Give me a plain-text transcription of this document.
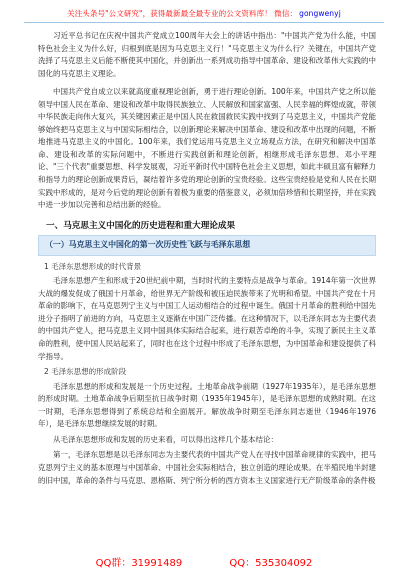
关注头条号"公文研究"，获得最新最全最专业的公文资料库！ 微信： gongwenyj

习近平总书记在庆祝中国共产党成立100周年大会上的讲话中指出："中国共产党为什么能，中国特色社会主义为什么好，归根到底是因为马克思主义行！"马克思主义为什么行？关键在，中国共产党洗择了马克思主义后能不断使其中国化，并创新出一系列成功指导中国革命、建设和改革伟大实践的中国化的马克思主义理论。

中国共产党自成立以来就高度重视理论创新，勇于进行理论创新。100年来，中国共产党之所以能领导中国人民在革命、建设和改革中取得民族独立、人民解放和国家富强、人民幸福的辉煌成就，带领中华民族走向伟大复兴，其关键因素正是中国人民在救国救民实践中找到了马克思主义，中国共产党能够始终把马克思主义与中国实际相结合，以创新理论来解决中国革命、建设和改革中出现的问题，不断地推进马克思主义的中国化。100年来，我们党运用马克思主义立场观点方法，在研究和解决中国革命、建设和改革的实际问题中，不断进行实践创新和理论创新，相继形成毛泽东思想、邓小平理论、"三个代表"重要思想、科学发展观，习近平新时代中国特色社会主义思想，如此丰硕且富有解释力和指导力的理论创新成果背后，凝结着许多党的理论创新的宝贵经验。这些宝贵经验是党和人民在长期实践中形成的，是对今后党的理论创新有着极为重要的借鉴意义，必须加倍珍惜和长期坚持，并在实践中进一步加以完善和总结出新的经验。

一、马克思主义中国化的历史进程和重大理论成果
（一）马克思主义中国化的第一次历史性飞跃与毛泽东思想
1 毛泽东思想形成的时代背景

毛泽东思想产生和形成于20世纪前中期，当时时代的主要特点是战争与革命。1914年第一次世界大战的爆发促成了俄国十月革命，给世界无产阶级和被压迫民族带来了光明和希望。中国共产党在十月革命的影响下，在马克思列宁主义与中国工人运动相结合的过程中诞生。俄国十月革命的胜利给中国先进分子指明了前进的方向，马克思主义逐渐在中国广泛传播。在这种情况下，以毛泽东同志为主要代表的中国共产党人，把马克思主义同中国具体实际结合起来，进行艰苦卓绝的斗争，实现了新民主主义革命的胜利，使中国人民站起来了，同时也在这个过程中形成了毛泽东思想，为中国革命和建设提供了科学指导。

2 毛泽东思想的形成阶段

毛泽东思想的形成和发展是一个历史过程。土地革命战争前期（1927年1935年），是毛泽东思想的形成时期。土地革命战争后期至抗日战争时期（1935年1945年），是毛泽东思想的成熟时期。在这一时期，毛泽东思想得到了系统总结和全面展开。解放战争时期至毛泽东同志逝世（1946年1976年），是毛泽东思想继续发展的时期。

从毛泽东思想形成和发展的历史来看，可以得出这样几个基本结论：

第一，毛泽东思想是以毛泽东同志为主要代表的中国共产党人在寻找中国革命规律的实践中，把马克思列宁主义的基本原理与中国革命、中国社会实际相结合，独立创造的理论成果。在半殖民地半封建的旧中国，革命的条件与马克思、恩格斯、列宁所分析的西方资本主义国家进行无产阶级革命的条件极

QQ群：31991489	QQ：535304092
